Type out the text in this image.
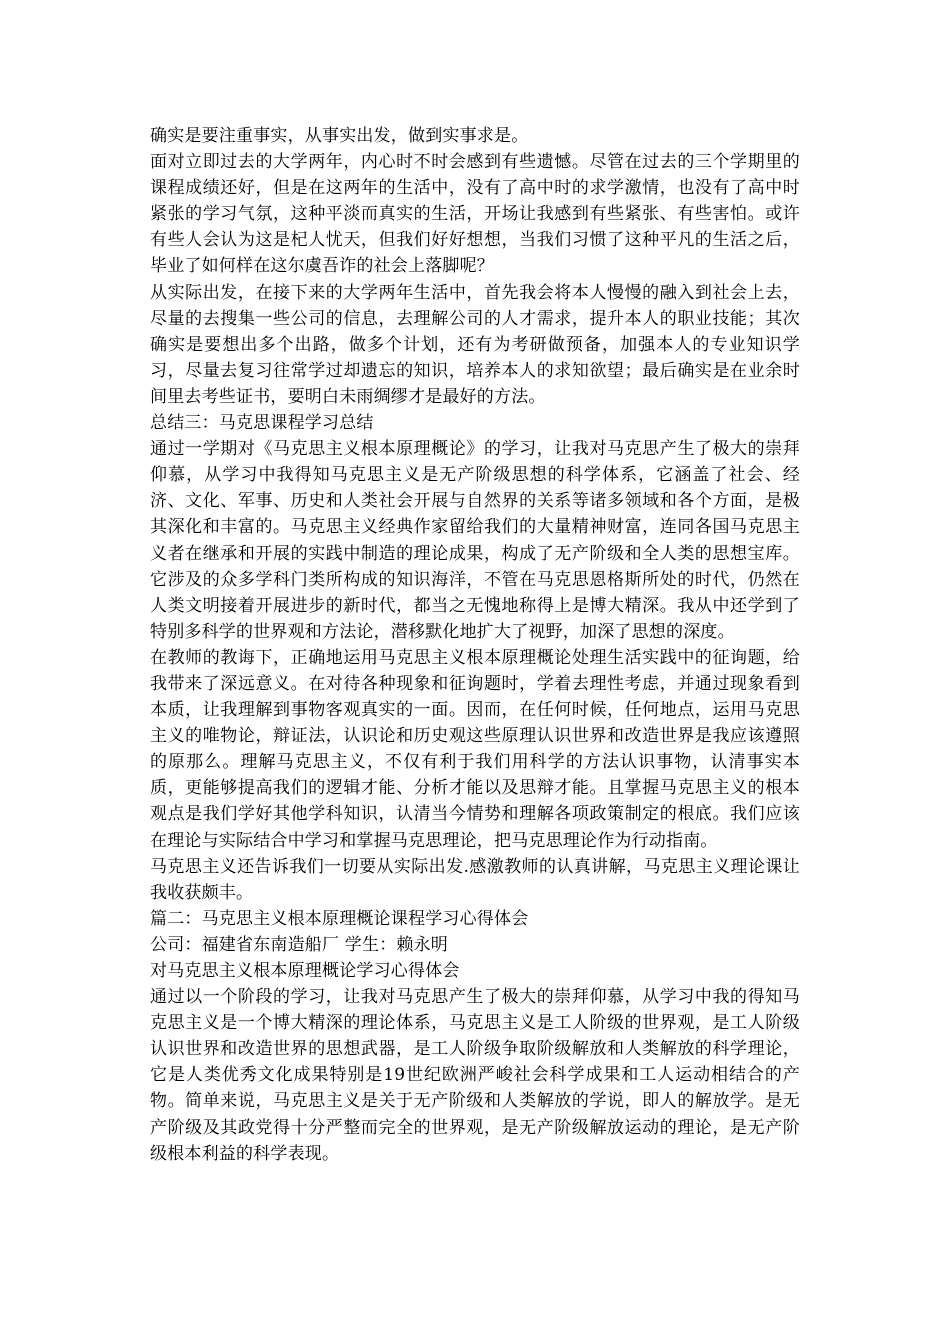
确实是要注重事实，从事实出发，做到实事求是。

面对立即过去的大学两年，内心时不时会感到有些遗憾。尽管在过去的三个学期里的课程成绩还好，但是在这两年的生活中，没有了高中时的求学激情，也没有了高中时紧张的学习气氛，这种平淡而真实的生活，开场让我感到有些紧张、有些害怕。或许有些人会认为这是杞人忧天，但我们好好想想，当我们习惯了这种平凡的生活之后，毕业了如何样在这尔虞吾诈的社会上落脚呢？

从实际出发，在接下来的大学两年生活中，首先我会将本人慢慢的融入到社会上去，尽量的去搜集一些公司的信息，去理解公司的人才需求，提升本人的职业技能；其次确实是要想出多个出路，做多个计划，还有为考研做预备，加强本人的专业知识学习，尽量去复习往常学过却遗忘的知识，培养本人的求知欲望；最后确实是在业余时间里去考些证书，要明白未雨绸缪才是最好的方法。

总结三：马克思课程学习总结

通过一学期对《马克思主义根本原理概论》的学习，让我对马克思产生了极大的崇拜仰慕，从学习中我得知马克思主义是无产阶级思想的科学体系，它涵盖了社会、经济、文化、军事、历史和人类社会开展与自然界的关系等诸多领域和各个方面，是极其深化和丰富的。马克思主义经典作家留给我们的大量精神财富，连同各国马克思主义者在继承和开展的实践中制造的理论成果，构成了无产阶级和全人类的思想宝库。它涉及的众多学科门类所构成的知识海洋，不管在马克思恩格斯所处的时代，仍然在人类文明接着开展进步的新时代，都当之无愧地称得上是博大精深。我从中还学到了特别多科学的世界观和方法论，潜移默化地扩大了视野，加深了思想的深度。

在教师的教诲下，正确地运用马克思主义根本原理概论处理生活实践中的征询题，给我带来了深远意义。在对待各种现象和征询题时，学着去理性考虑，并通过现象看到本质，让我理解到事物客观真实的一面。因而，在任何时候，任何地点，运用马克思主义的唯物论，辩证法，认识论和历史观这些原理认识世界和改造世界是我应该遵照的原那么。理解马克思主义，不仅有利于我们用科学的方法认识事物，认清事实本质，更能够提高我们的逻辑才能、分析才能以及思辩才能。且掌握马克思主义的根本观点是我们学好其他学科知识，认清当今情势和理解各项政策制定的根底。我们应该在理论与实际结合中学习和掌握马克思理论，把马克思理论作为行动指南。

马克思主义还告诉我们一切要从实际出发.感激教师的认真讲解，马克思主义理论课让我收获颇丰。

篇二：马克思主义根本原理概论课程学习心得体会

公司：福建省东南造船厂 学生：赖永明

对马克思主义根本原理概论学习心得体会

通过以一个阶段的学习，让我对马克思产生了极大的崇拜仰慕，从学习中我的得知马克思主义是一个博大精深的理论体系，马克思主义是工人阶级的世界观，是工人阶级认识世界和改造世界的思想武器，是工人阶级争取阶级解放和人类解放的科学理论，它是人类优秀文化成果特别是19世纪欧洲严峻社会科学成果和工人运动相结合的产物。简单来说，马克思主义是关于无产阶级和人类解放的学说，即人的解放学。是无产阶级及其政党得十分严整而完全的世界观，是无产阶级解放运动的理论，是无产阶级根本利益的科学表现。
